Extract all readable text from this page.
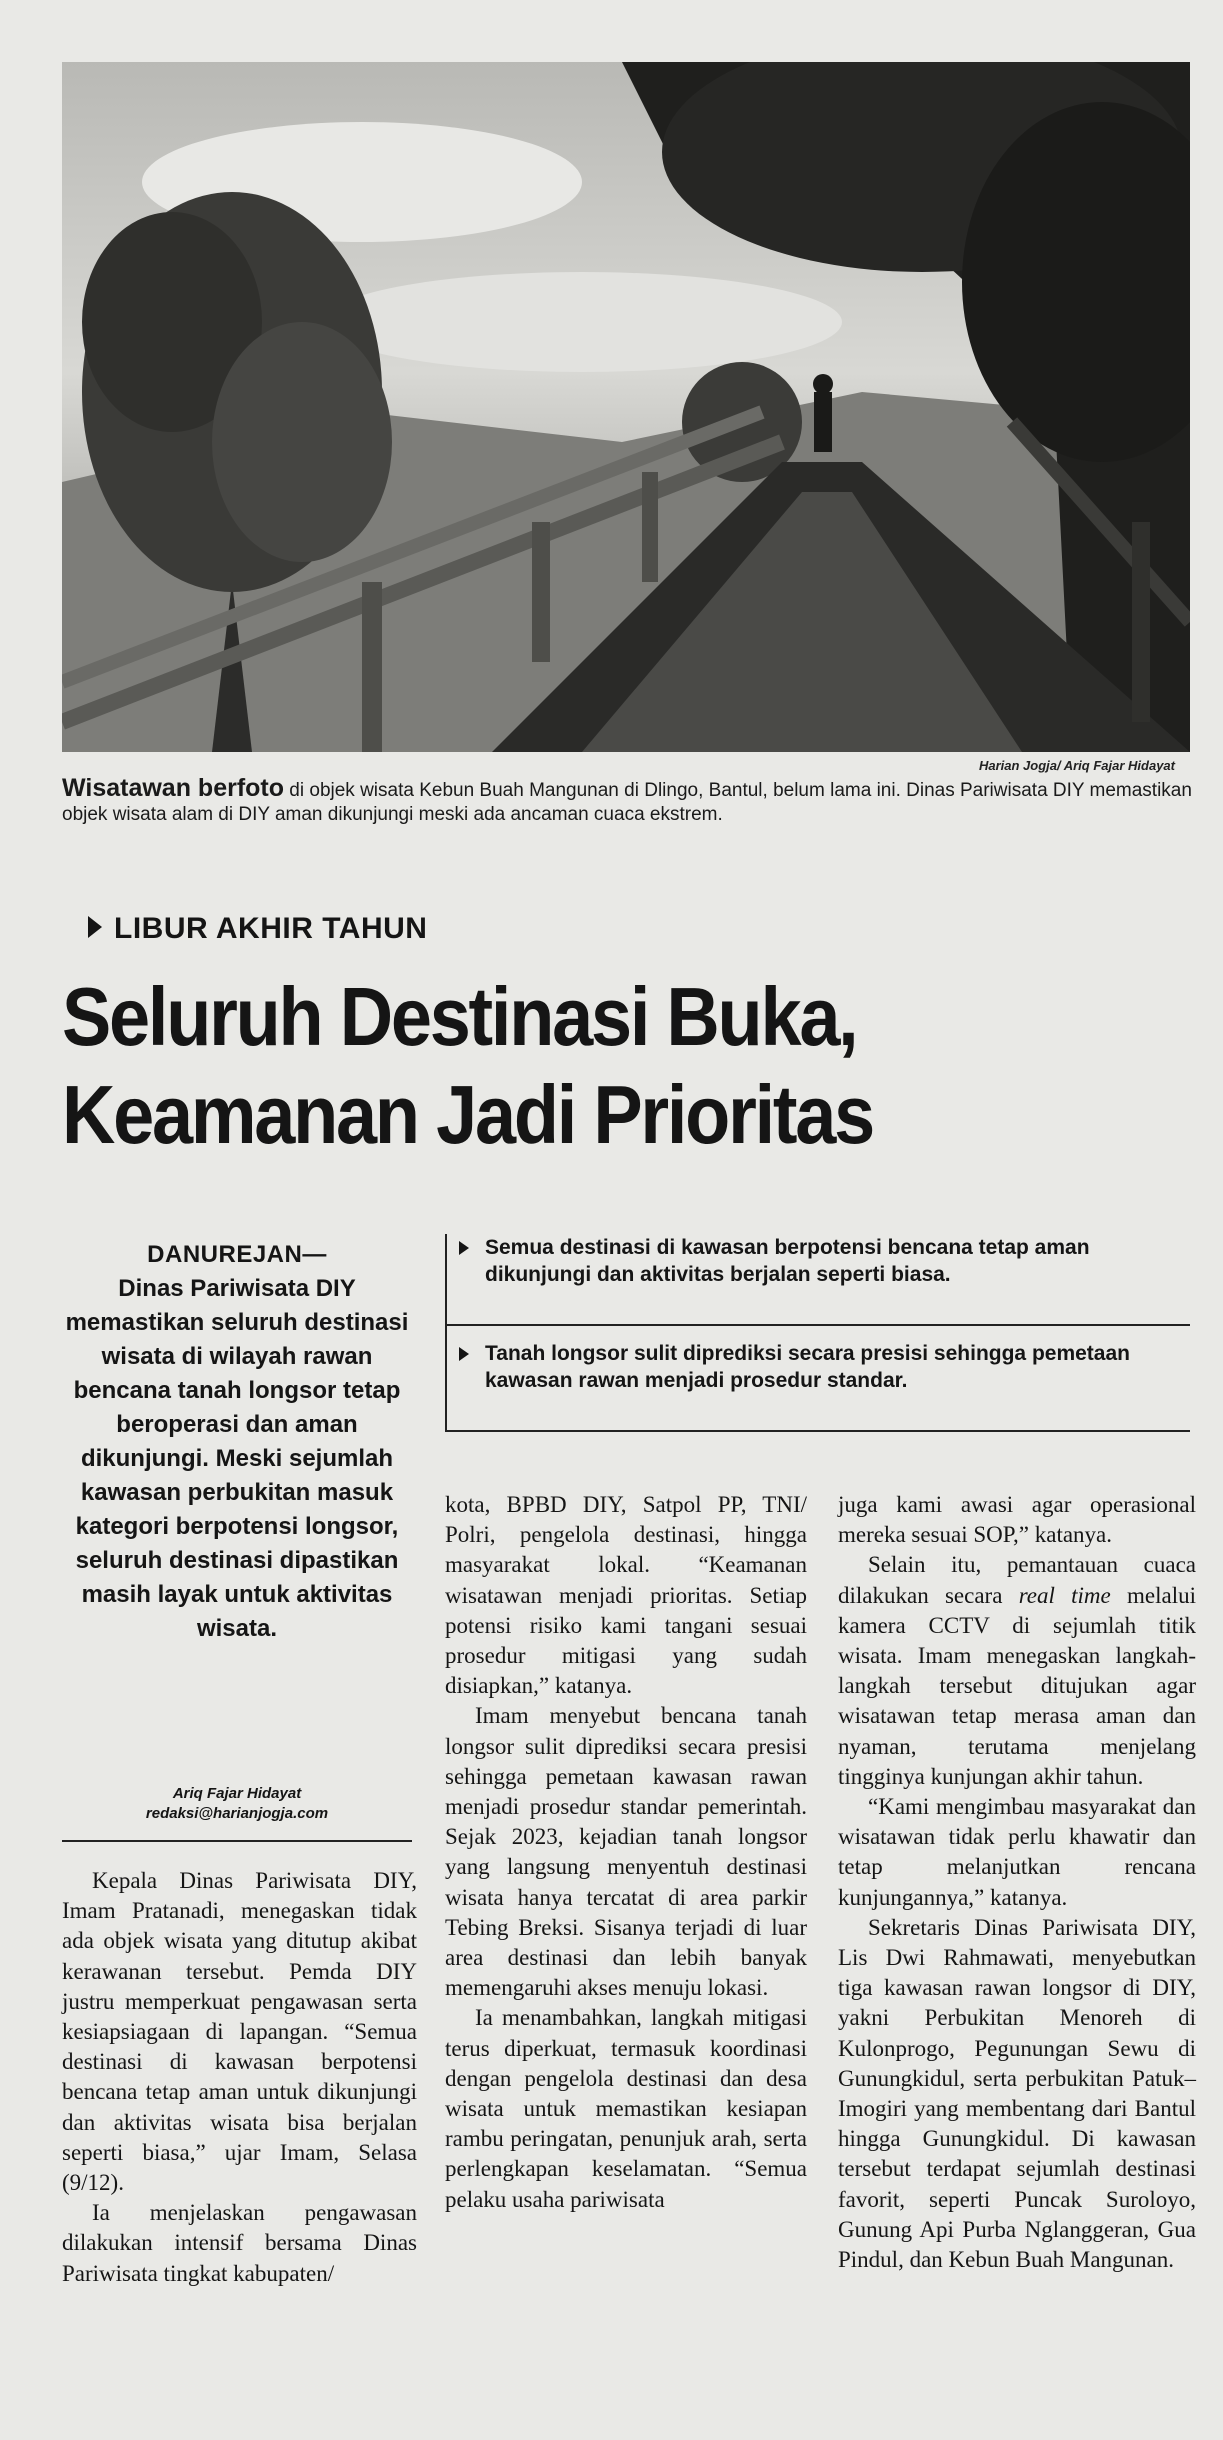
Harian Jogja/ Ariq Fajar Hidayat
Wisatawan berfoto di objek wisata Kebun Buah Mangunan di Dlingo, Bantul, belum lama ini. Dinas Pariwisata DIY memastikan objek wisata alam di DIY aman dikunjungi meski ada ancaman cuaca ekstrem.
LIBUR AKHIR TAHUN
Seluruh Destinasi Buka,
Keamanan Jadi Prioritas
DANUREJAN—
Dinas Pariwisata DIY memastikan seluruh destinasi wisata di wilayah rawan bencana tanah longsor tetap beroperasi dan aman dikunjungi. Meski sejumlah kawasan perbukitan masuk kategori berpotensi longsor, seluruh destinasi dipastikan masih layak untuk aktivitas wisata.
Ariq Fajar Hidayat
redaksi@harianjogja.com
Semua destinasi di kawasan berpotensi bencana tetap aman dikunjungi dan aktivitas berjalan seperti biasa.
Tanah longsor sulit diprediksi secara presisi sehingga pemetaan kawasan rawan menjadi prosedur standar.

Kepala Dinas Pariwisata DIY, Imam Pratanadi, menegaskan tidak ada objek wisata yang ditutup akibat kerawanan tersebut. Pemda DIY justru memperkuat pengawasan serta kesiapsiagaan di lapangan. “Semua destinasi di kawasan berpotensi bencana tetap aman untuk dikunjungi dan aktivitas wisata bisa berjalan seperti biasa,” ujar Imam, Selasa (9/12).

Ia menjelaskan pengawasan dilakukan intensif bersama Dinas Pariwisata tingkat kabupaten/

kota, BPBD DIY, Satpol PP, TNI/ Polri, pengelola destinasi, hingga masyarakat lokal. “Keamanan wisatawan menjadi prioritas. Setiap potensi risiko kami tangani sesuai prosedur mitigasi yang sudah disiapkan,” katanya.

Imam menyebut bencana tanah longsor sulit diprediksi secara presisi sehingga pemetaan kawasan rawan menjadi prosedur standar pemerintah. Sejak 2023, kejadian tanah longsor yang langsung menyentuh destinasi wisata hanya tercatat di area parkir Tebing Breksi. Sisanya terjadi di luar area destinasi dan lebih banyak memengaruhi akses menuju lokasi.

Ia menambahkan, langkah mitigasi terus diperkuat, termasuk koordinasi dengan pengelola destinasi dan desa wisata untuk memastikan kesiapan rambu peringatan, penunjuk arah, serta perlengkapan keselamatan. “Semua pelaku usaha pariwisata

juga kami awasi agar operasional mereka sesuai SOP,” katanya.

Selain itu, pemantauan cuaca dilakukan secara real time melalui kamera CCTV di sejumlah titik wisata. Imam menegaskan langkah-langkah tersebut ditujukan agar wisatawan tetap merasa aman dan nyaman, terutama menjelang tingginya kunjungan akhir tahun.

“Kami mengimbau masyarakat dan wisatawan tidak perlu khawatir dan tetap melanjutkan rencana kunjungannya,” katanya.

Sekretaris Dinas Pariwisata DIY, Lis Dwi Rahmawati, menyebutkan tiga kawasan rawan longsor di DIY, yakni Perbukitan Menoreh di Kulonprogo, Pegunungan Sewu di Gunungkidul, serta perbukitan Patuk–Imogiri yang membentang dari Bantul hingga Gunungkidul. Di kawasan tersebut terdapat sejumlah destinasi favorit, seperti Puncak Suroloyo, Gunung Api Purba Nglanggeran, Gua Pindul, dan Kebun Buah Mangunan.
